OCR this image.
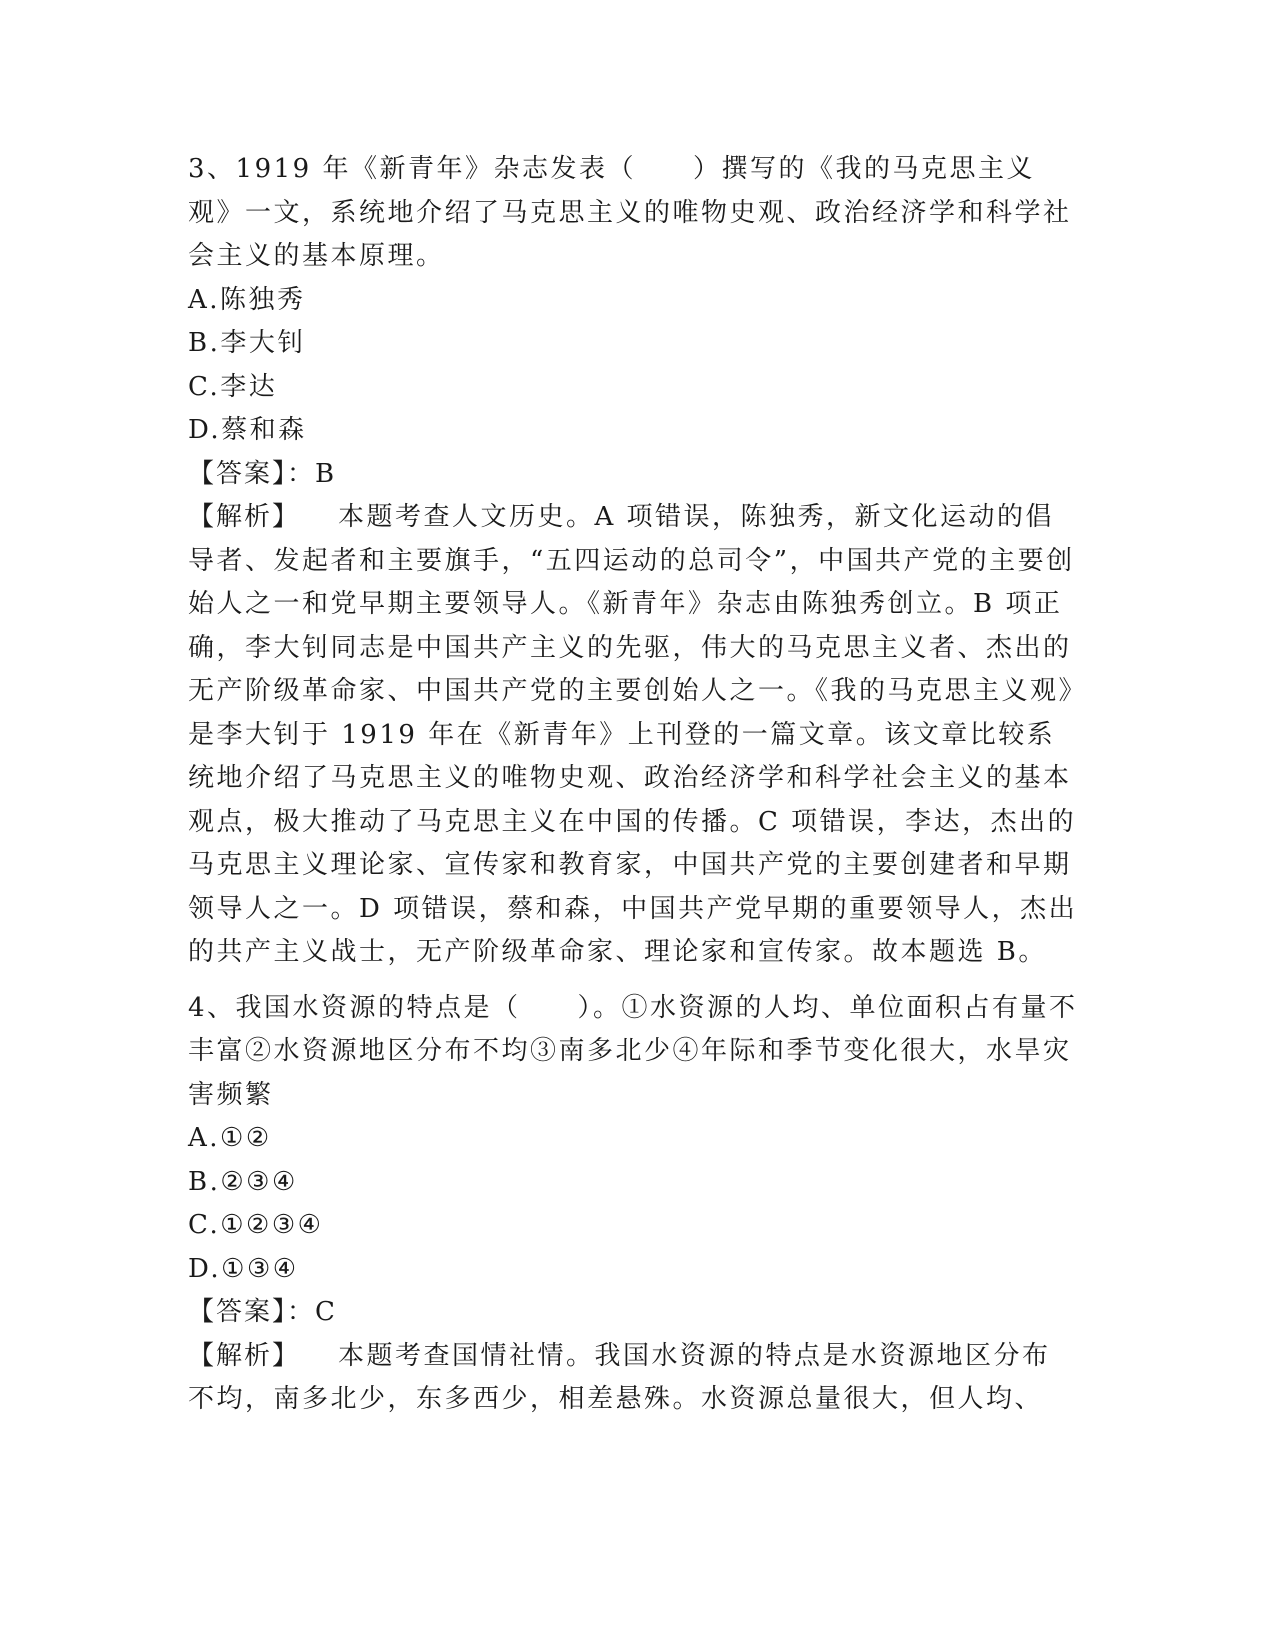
3、1919 年《新青年》杂志发表（　　）撰写的《我的马克思主义观》一文，系统地介绍了马克思主义的唯物史观、政治经济学和科学社会主义的基本原理。

A.陈独秀

B.李大钊

C.李达

D.蔡和森

【答案】：B

【解析】 本题考查人文历史。A 项错误，陈独秀，新文化运动的倡导者、发起者和主要旗手，“五四运动的总司令”，中国共产党的主要创始人之一和党早期主要领导人。《新青年》杂志由陈独秀创立。B 项正确，李大钊同志是中国共产主义的先驱，伟大的马克思主义者、杰出的无产阶级革命家、中国共产党的主要创始人之一。《我的马克思主义观》是李大钊于 1919 年在《新青年》上刊登的一篇文章。该文章比较系统地介绍了马克思主义的唯物史观、政治经济学和科学社会主义的基本观点，极大推动了马克思主义在中国的传播。C 项错误，李达，杰出的马克思主义理论家、宣传家和教育家，中国共产党的主要创建者和早期领导人之一。D 项错误，蔡和森，中国共产党早期的重要领导人，杰出的共产主义战士，无产阶级革命家、理论家和宣传家。故本题选 B。

4、我国水资源的特点是（　　）。①水资源的人均、单位面积占有量不丰富②水资源地区分布不均③南多北少④年际和季节变化很大，水旱灾害频繁

A.①②

B.②③④

C.①②③④

D.①③④

【答案】：C

【解析】 本题考查国情社情。我国水资源的特点是水资源地区分布不均，南多北少，东多西少，相差悬殊。水资源总量很大，但人均、
